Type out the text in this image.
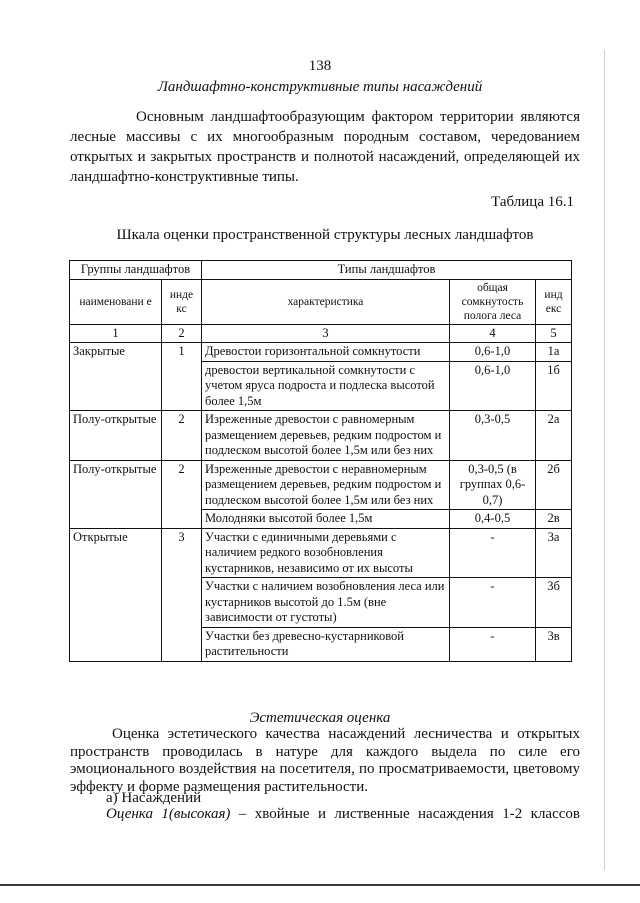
138
Ландшафтно-конструктивные типы насаждений

Основным ландшафтообразующим фактором территории являются лесные массивы с их многообразным породным составом, чередованием открытых и закрытых пространств и полнотой насаждений, определяющей их ландшафтно-конструктивные типы.

Таблица 16.1
Шкала оценки пространственной структуры лесных ландшафтов
Группы ландшафтов		Типы ландшафтов		
наименовани е	инде кс	характеристика	общая сомкнутость полога леса	инд екс
1	2	3	4	5
Закрытые	1	Древостои горизонтальной сомкнутости	0,6-1,0	1а
		древостои вертикальной сомкнутости с учетом яруса подроста и подлеска высотой более 1,5м	0,6-1,0	1б
Полу-открытые	2	Изреженные древостои с равномерным размещением деревьев, редким подростом и подлеском высотой более 1,5м или без них	0,3-0,5	2а
Полу-открытые	2	Изреженные древостои с неравномерным размещением деревьев, редким подростом и подлеском высотой более 1,5м или без них	0,3-0,5 (в группах 0,6-0,7)	2б
		Молодняки высотой более 1,5м	0,4-0,5	2в
Открытые	3	Участки с единичными деревьями с наличием редкого возобновления кустарников, независимо от их высоты	-	3а
		Участки с наличием возобновления леса или кустарников высотой до 1.5м (вне зависимости от густоты)	-	3б
		Участки без древесно-кустарниковой растительности	-	3в
Эстетическая оценка

Оценка эстетического качества насаждений лесничества и открытых пространств проводилась в натуре для каждого выдела по силе его эмоционального воздействия на посетителя, по просматриваемости, цветовому эффекту и форме размещения растительности.

а) Насаждений
Оценка 1(высокая) – хвойные и лиственные насаждения 1-2 классов
